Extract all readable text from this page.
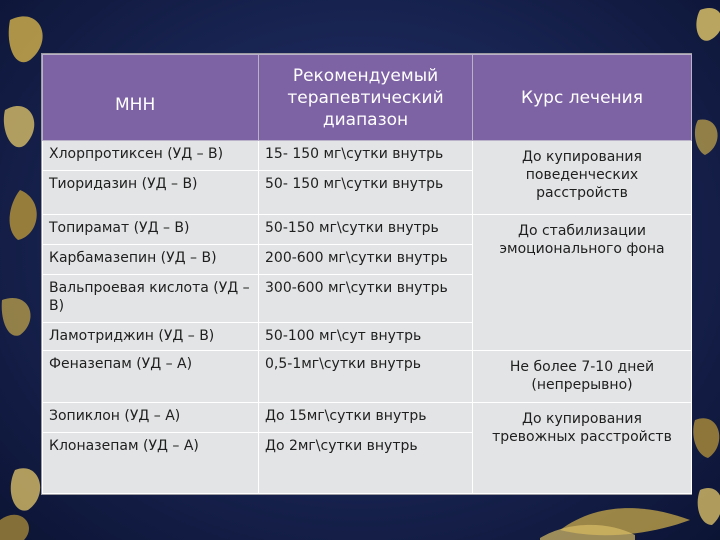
МНН	Рекомендуемый терапевтический диапазон	Курс лечения
Хлорпротиксен (УД – В)	15- 150 мг\сутки внутрь	До купирования поведенческих расстройств
Тиоридазин (УД – В)	50- 150 мг\сутки внутрь	
Топирамат (УД – В)	50-150 мг\сутки внутрь	До стабилизации эмоционального фона
Карбамазепин (УД – В)	200-600 мг\сутки внутрь	
Вальпроевая кислота (УД – В)	300-600 мг\сутки внутрь	
Ламотриджин (УД – В)	50-100 мг\сут внутрь	
Феназепам (УД – А)	0,5-1мг\сутки внутрь	Не более 7-10 дней (непрерывно)
Зопиклон (УД – А)	До 15мг\сутки внутрь	До купирования тревожных расстройств
Клоназепам (УД – А)	До 2мг\сутки внутрь	
